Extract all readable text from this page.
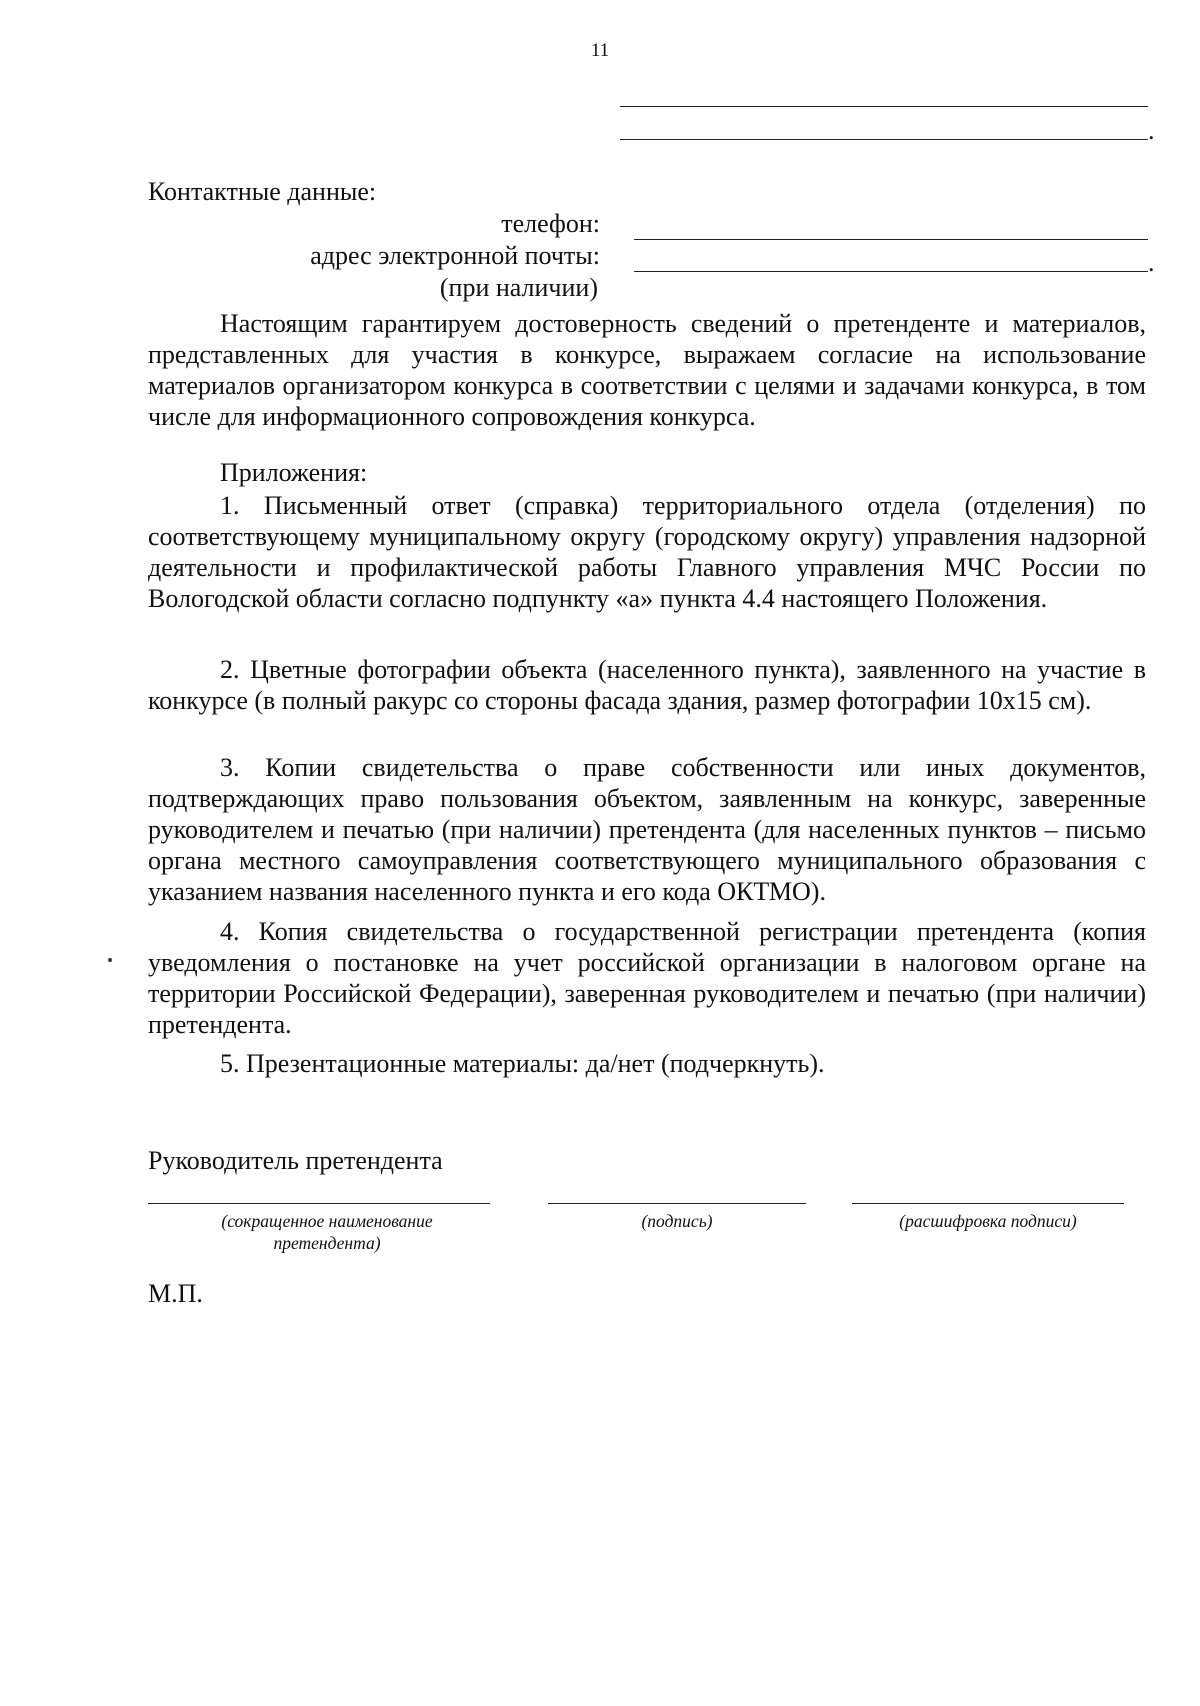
11
.
Контактные данные:
телефон:
адрес электронной почты:	.
(при наличии)

Настоящим гарантируем достоверность сведений о претенденте и материалов, представленных для участия в конкурсе, выражаем согласие на использование материалов организатором конкурса в соответствии с целями и задачами конкурса, в том числе для информационного сопровождения конкурса.

Приложения:

1. Письменный ответ (справка) территориального отдела (отделения) по соответствующему муниципальному округу (городскому округу) управления надзорной деятельности и профилактической работы Главного управления МЧС России по Вологодской области согласно подпункту «а» пункта 4.4 настоящего Положения.

2. Цветные фотографии объекта (населенного пункта), заявленного на участие в конкурсе (в полный ракурс со стороны фасада здания, размер фотографии 10х15 см).

3. Копии свидетельства о праве собственности или иных документов, подтверждающих право пользования объектом, заявленным на конкурс, заверенные руководителем и печатью (при наличии) претендента (для населенных пунктов – письмо органа местного самоуправления соответствующего муниципального образования с указанием названия населенного пункта и его кода ОКТМО).

4. Копия свидетельства о государственной регистрации претендента (копия уведомления о постановке на учет российской организации в налоговом органе на территории Российской Федерации), заверенная руководителем и печатью (при наличии) претендента.

5. Презентационные материалы: да/нет (подчеркнуть).

Руководитель претендента
(сокращенное наименование претендента)
(подпись)	(расшифровка подписи)
М.П.
